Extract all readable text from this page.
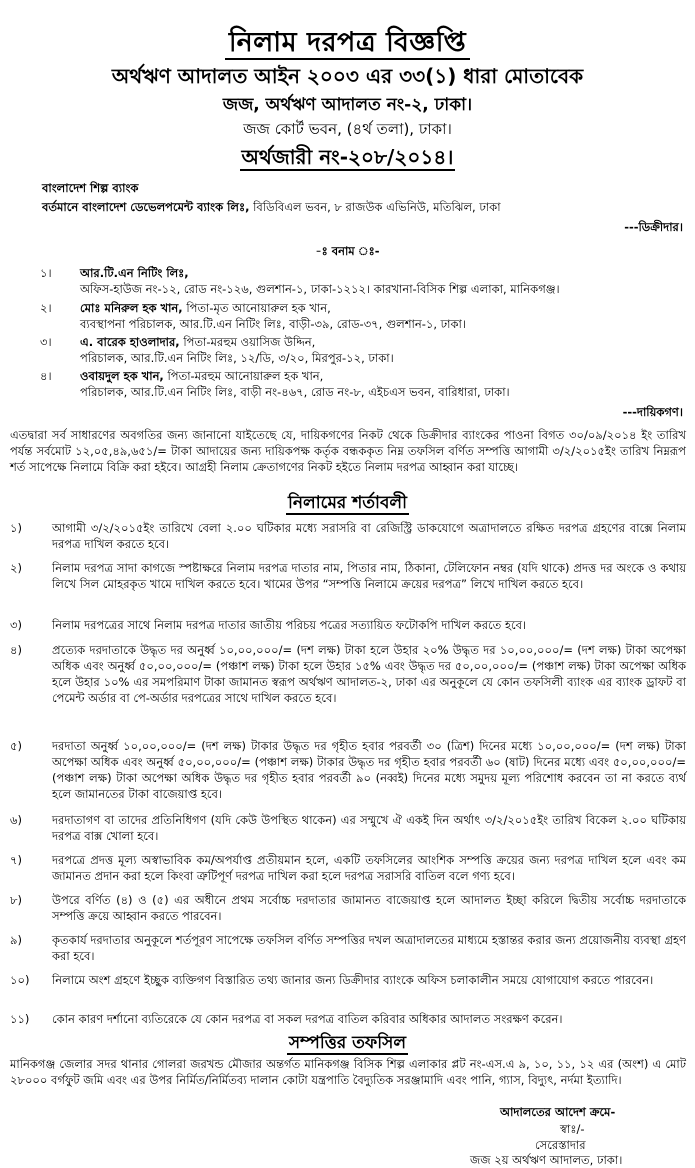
নিলাম দরপত্র বিজ্ঞপ্তি
অর্থঋণ আদালত আইন ২০০৩ এর ৩৩(১) ধারা মোতাবেক
জজ, অর্থঋণ আদালত নং-২, ঢাকা।
জজ কোর্ট ভবন, (৪র্থ তলা), ঢাকা।
অর্থজারী নং-২০৮/২০১৪।
বাংলাদেশ শিল্প ব্যাংক
বর্তমানে বাংলাদেশ ডেভেলপমেন্ট ব্যাংক লিঃ, বিডিবিএল ভবন, ৮ রাজউক এভিনিউ, মতিঝিল, ঢাকা
---ডিক্রীদার।
-ঃ বনাম ঃ-
১। আর.টি.এন নিটিং লিঃ,
অফিস-হাউজ নং-১২, রোড নং-১২৬, গুলশান-১, ঢাকা-১২১২। কারখানা-বিসিক শিল্প এলাকা, মানিকগঞ্জ।
২। মোঃ মনিরুল হক খান, পিতা-মৃত আনোয়ারুল হক খান,
ব্যবস্থাপনা পরিচালক, আর.টি.এন নিটিং লিঃ, বাড়ী-৩৯, রোড-৩৭, গুলশান-১, ঢাকা।
৩। এ. বারেক হাওলাদার, পিতা-মরহুম ওয়াসিজ উদ্দিন,
পরিচালক, আর.টি.এন নিটিং লিঃ, ১২/ডি, ৩/২০, মিরপুর-১২, ঢাকা।
৪। ওবায়দুল হক খান, পিতা-মরহুম আনোয়ারুল হক খান,
পরিচালক, আর.টি.এন নিটিং লিঃ, বাড়ী নং-৪৬৭, রোড নং-৮, এইচএস ভবন, বারিধারা, ঢাকা।
---দায়িকগণ।
এতদ্বারা সর্ব সাধারণের অবগতির জন্য জানানো যাইতেছে যে, দায়িকগণের নিকট থেকে ডিক্রীদার ব্যাংকের পাওনা বিগত ৩০/০৯/২০১৪ ইং তারিখ পর্যন্ত সর্বমোট ১২,০৫,৪৯,৬৫১/= টাকা আদায়ের জন্য দায়িকপক্ষ কর্তৃক বন্ধককৃত নিম্ন তফসিল বর্ণিত সম্পত্তি আগামী ৩/২/২০১৫ইং তারিখ নিম্নরূপ শর্ত সাপেক্ষে নিলামে বিক্রি করা হইবে। আগ্রহী নিলাম ক্রেতাগণের নিকট হইতে নিলাম দরপত্র আহ্বান করা যাচ্ছে।
নিলামের শর্তাবলী
১)	আগামী ৩/২/২০১৫ইং তারিখে বেলা ২.০০ ঘটিকার মধ্যে সরাসরি বা রেজিস্ট্রি ডাকযোগে অত্রাদালতে রক্ষিত দরপত্র গ্রহণের বাক্সে নিলাম দরপত্র দাখিল করতে হবে।
২)	নিলাম দরপত্র সাদা কাগজে স্পষ্টাক্ষরে নিলাম দরপত্র দাতার নাম, পিতার নাম, ঠিকানা, টেলিফোন নম্বর (যদি থাকে) প্রদত্ত দর অংকে ও কথায় লিখে সিল মোহরকৃত খামে দাখিল করতে হবে। খামের উপর “সম্পত্তি নিলামে ক্রয়ের দরপত্র” লিখে দাখিল করতে হবে।
৩)	নিলাম দরপত্রের সাথে নিলাম দরপত্র দাতার জাতীয় পরিচয় পত্রের সত্যায়িত ফটোকপি দাখিল করতে হবে।
৪)	প্রত্যেক দরদাতাকে উদ্ধৃত দর অনুর্ধ্ব ১০,০০,০০০/= (দশ লক্ষ) টাকা হলে উহার ২০% উদ্ধৃত দর ১০,০০,০০০/= (দশ লক্ষ) টাকা অপেক্ষা অধিক এবং অনুর্ধ্ব ৫০,০০,০০০/= (পঞ্চাশ লক্ষ) টাকা হলে উহার ১৫% এবং উদ্ধৃত দর ৫০,০০,০০০/= (পঞ্চাশ লক্ষ) টাকা অপেক্ষা অধিক হলে উহার ১০% এর সমপরিমাণ টাকা জামানত স্বরূপ অর্থঋণ আদালত-২, ঢাকা এর অনুকূলে যে কোন তফসিলী ব্যাংক এর ব্যাংক ড্রাফট বা পেমেন্ট অর্ডার বা পে-অর্ডার দরপত্রের সাথে দাখিল করতে হবে।
৫)	দরদাতা অনুর্ধ্ব ১০,০০,০০০/= (দশ লক্ষ) টাকার উদ্ধৃত দর গৃহীত হবার পরবর্তী ৩০ (ত্রিশ) দিনের মধ্যে ১০,০০,০০০/= (দশ লক্ষ) টাকা অপেক্ষা অধিক এবং অনুর্ধ্ব ৫০,০০,০০০/= (পঞ্চাশ লক্ষ) টাকার উদ্ধৃত দর গৃহীত হবার পরবর্তী ৬০ (ষাট) দিনের মধ্যে এবং ৫০,০০,০০০/= (পঞ্চাশ লক্ষ) টাকা অপেক্ষা অধিক উদ্ধৃত দর গৃহীত হবার পরবর্তী ৯০ (নব্বই) দিনের মধ্যে সমুদয় মূল্য পরিশোধ করবেন তা না করতে ব্যর্থ হলে জামানতের টাকা বাজেয়াপ্ত হবে।
৬)	দরদাতাগণ বা তাদের প্রতিনিধিগণ (যদি কেউ উপস্থিত থাকেন) এর সম্মুখে ঐ একই দিন অর্থাৎ ৩/২/২০১৫ইং তারিখ বিকেল ২.০০ ঘটিকায় দরপত্র বাক্স খোলা হবে।
৭)	দরপত্রে প্রদত্ত মূল্য অস্বাভাবিক কম/অপর্যাপ্ত প্রতীয়মান হলে, একটি তফসিলের আংশিক সম্পত্তি ক্রয়ের জন্য দরপত্র দাখিল হলে এবং কম জামানত প্রদান করা হলে কিংবা ত্রুটিপূর্ণ দরপত্র দাখিল করা হলে দরপত্র সরাসরি বাতিল বলে গণ্য হবে।
৮)	উপরে বর্ণিত (৪) ও (৫) এর অধীনে প্রথম সর্বোচ্চ দরদাতার জামানত বাজেয়াপ্ত হলে আদালত ইচ্ছা করিলে দ্বিতীয় সর্বোচ্চ দরদাতাকে সম্পত্তি ক্রয়ে আহ্বান করতে পারবেন।
৯)	কৃতকার্য দরদাতার অনুকূলে শর্তপূরণ সাপেক্ষে তফসিল বর্ণিত সম্পত্তির দখল অত্রাদালতের মাধ্যমে হস্তান্তর করার জন্য প্রয়োজনীয় ব্যবস্থা গ্রহণ করা হবে।
১০)	নিলামে অংশ গ্রহণে ইচ্ছুক ব্যক্তিগণ বিস্তারিত তথ্য জানার জন্য ডিক্রীদার ব্যাংকে অফিস চলাকালীন সময়ে যোগাযোগ করতে পারবেন।
১১)	কোন কারণ দর্শানো ব্যতিরেকে যে কোন দরপত্র বা সকল দরপত্র বাতিল করিবার অধিকার আদালত সংরক্ষণ করেন।
সম্পত্তির তফসিল
মানিকগঞ্জ জেলার সদর থানার গোলরা জরখন্ড মৌজার অন্তর্গত মানিকগঞ্জ বিসিক শিল্প এলাকার প্লট নং-এস.এ ৯, ১০, ১১, ১২ এর (অংশ) এ মোট ২৮০০০ বর্গফুট জমি এবং এর উপর নির্মিত/নির্মিতব্য দালান কোটা যন্ত্রপাতি বৈদ্যুতিক সরঞ্জামাদি এবং পানি, গ্যাস, বিদ্যুৎ, নর্দমা ইত্যাদি।
আদালতের আদেশ ক্রমে-
স্বাঃ/-
সেরেস্তাদার
জজ ২য় অর্থঋণ আদালত, ঢাকা।
